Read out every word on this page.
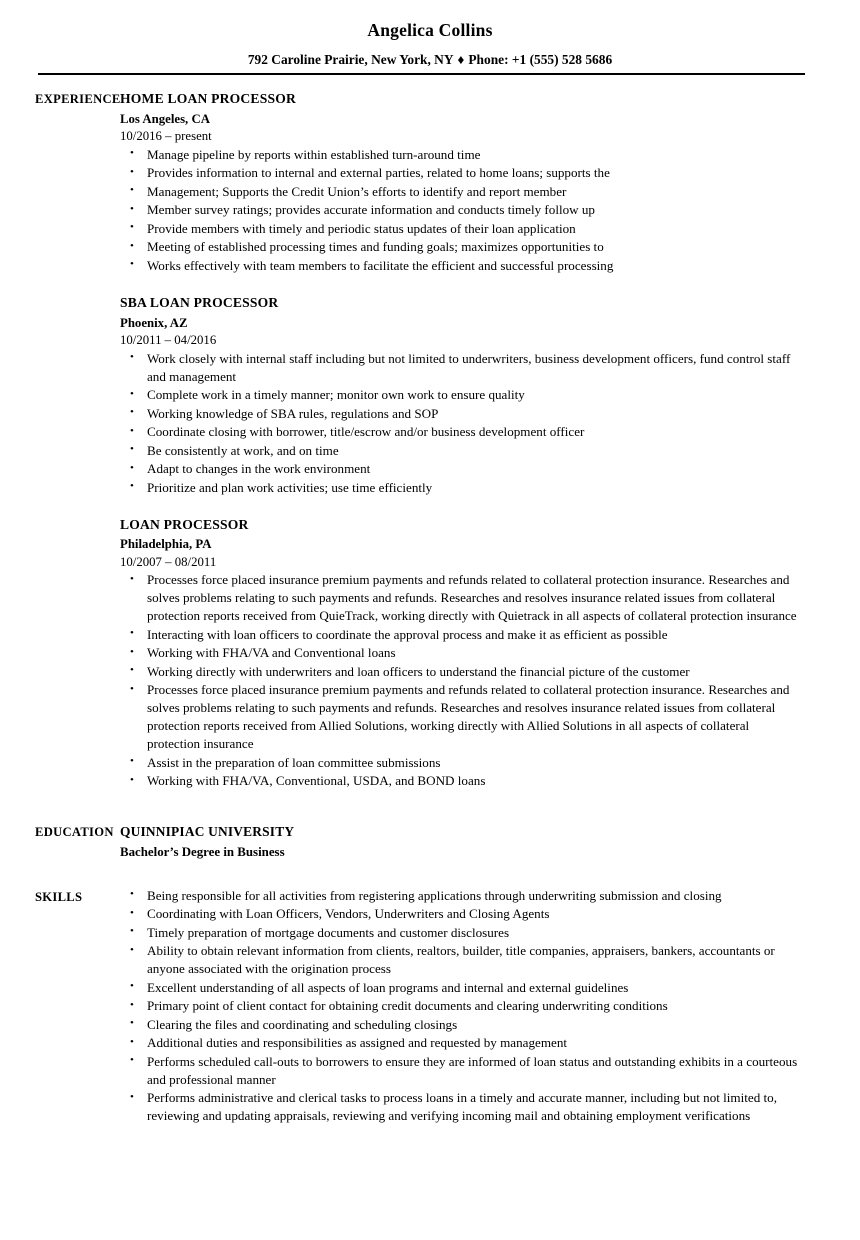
Angelica Collins
792 Caroline Prairie, New York, NY ♦ Phone: +1 (555) 528 5686
EXPERIENCE HOME LOAN PROCESSOR
Los Angeles, CA
10/2016 – present
• Manage pipeline by reports within established turn-around time
• Provides information to internal and external parties, related to home loans; supports the
• Management; Supports the Credit Union’s efforts to identify and report member
• Member survey ratings; provides accurate information and conducts timely follow up
• Provide members with timely and periodic status updates of their loan application
• Meeting of established processing times and funding goals; maximizes opportunities to
• Works effectively with team members to facilitate the efficient and successful processing
SBA LOAN PROCESSOR
Phoenix, AZ
10/2011 – 04/2016
• Work closely with internal staff including but not limited to underwriters, business development officers, fund control staff and management
• Complete work in a timely manner; monitor own work to ensure quality
• Working knowledge of SBA rules, regulations and SOP
• Coordinate closing with borrower, title/escrow and/or business development officer
• Be consistently at work, and on time
• Adapt to changes in the work environment
• Prioritize and plan work activities; use time efficiently
LOAN PROCESSOR
Philadelphia, PA
10/2007 – 08/2011
• Processes force placed insurance premium payments and refunds related to collateral protection insurance. Researches and solves problems relating to such payments and refunds. Researches and resolves insurance related issues from collateral protection reports received from QuieTrack, working directly with Quietrack in all aspects of collateral protection insurance
• Interacting with loan officers to coordinate the approval process and make it as efficient as possible
• Working with FHA/VA and Conventional loans
• Working directly with underwriters and loan officers to understand the financial picture of the customer
• Processes force placed insurance premium payments and refunds related to collateral protection insurance. Researches and solves problems relating to such payments and refunds. Researches and resolves insurance related issues from collateral protection reports received from Allied Solutions, working directly with Allied Solutions in all aspects of collateral protection insurance
• Assist in the preparation of loan committee submissions
• Working with FHA/VA, Conventional, USDA, and BOND loans
EDUCATION QUINNIPIAC UNIVERSITY
Bachelor’s Degree in Business
SKILLS	• Being responsible for all activities from registering applications through underwriting submission and closing
• Coordinating with Loan Officers, Vendors, Underwriters and Closing Agents
• Timely preparation of mortgage documents and customer disclosures
• Ability to obtain relevant information from clients, realtors, builder, title companies, appraisers, bankers, accountants or anyone associated with the origination process
• Excellent understanding of all aspects of loan programs and internal and external guidelines
• Primary point of client contact for obtaining credit documents and clearing underwriting conditions
• Clearing the files and coordinating and scheduling closings
• Additional duties and responsibilities as assigned and requested by management
• Performs scheduled call-outs to borrowers to ensure they are informed of loan status and outstanding exhibits in a courteous and professional manner
• Performs administrative and clerical tasks to process loans in a timely and accurate manner, including but not limited to, reviewing and updating appraisals, reviewing and verifying incoming mail and obtaining employment verifications
